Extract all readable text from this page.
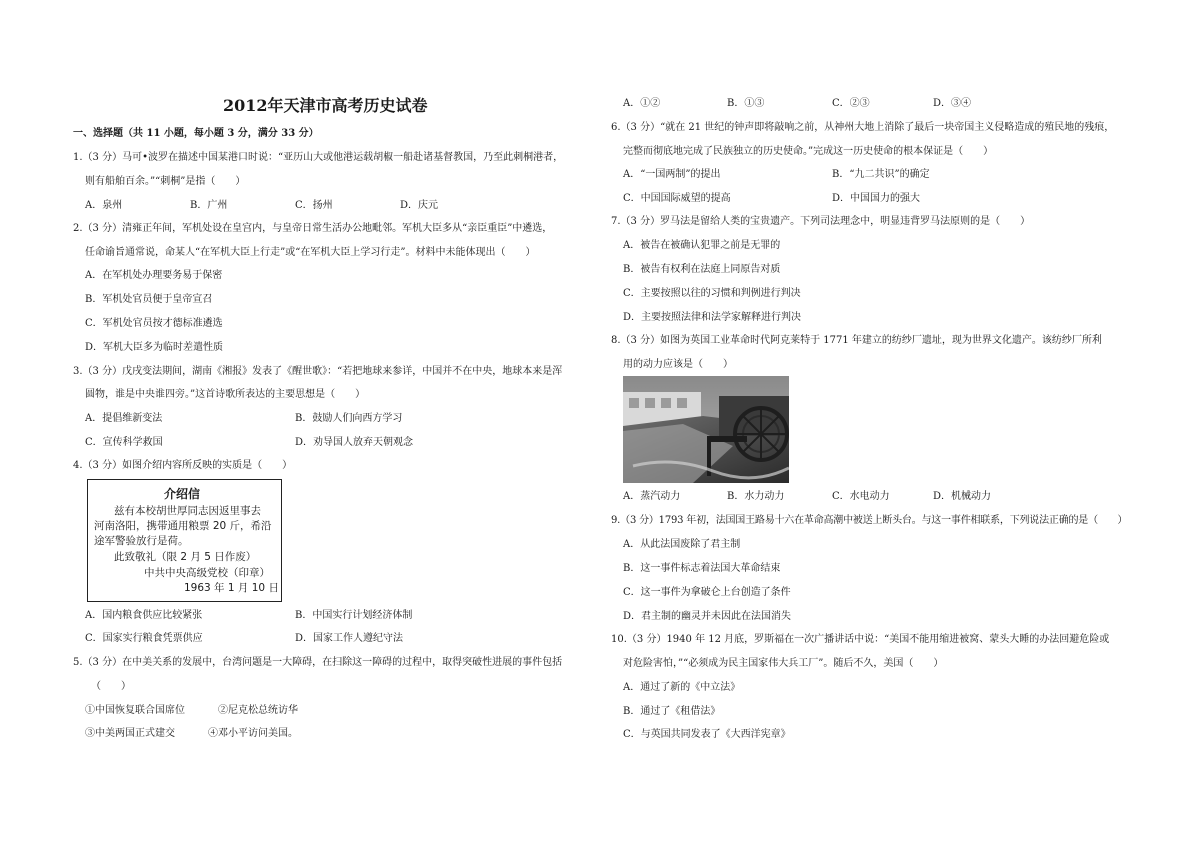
2012年天津市高考历史试卷
一、选择题（共 11 小题，每小题 3 分，满分 33 分）
1.（3 分）马可•波罗在描述中国某港口时说：“亚历山大或他港运载胡椒一船赴诸基督教国，乃至此刺桐港者，
则有船舶百余。”“刺桐”是指（　　）
A．泉州	B．广州	C．扬州	D．庆元
2.（3 分）清雍正年间，军机处设在皇宫内，与皇帝日常生活办公地毗邻。军机大臣多从“亲臣重臣”中遴选，
任命谕旨通常说，命某人“在军机大臣上行走”或“在军机大臣上学习行走”。材料中未能体现出（　　）
A．在军机处办理要务易于保密
B．军机处官员便于皇帝宣召
C．军机处官员按才德标准遴选
D．军机大臣多为临时差遣性质
3.（3 分）戊戌变法期间，湖南《湘报》发表了《醒世歌》：“若把地球来参详，中国并不在中央，地球本来是浑
圆物，谁是中央谁四旁。”这首诗歌所表达的主要思想是（　　）
A．提倡维新变法	B．鼓励人们向西方学习
C．宣传科学救国	D．劝导国人放弃天朝观念
4.（3 分）如图介绍内容所反映的实质是（　　）
介绍信
兹有本校胡世厚同志因返里事去
河南洛阳，携带通用粮票 20 斤，希沿
途军警验放行是荷。
此致敬礼（限 2 月 5 日作废）
中共中央高级党校（印章）
1963 年 1 月 10 日
A．国内粮食供应比较紧张	B．中国实行计划经济体制
C．国家实行粮食凭票供应	D．国家工作人遵纪守法
5.（3 分）在中美关系的发展中，台湾问题是一大障碍，在扫除这一障碍的过程中，取得突破性进展的事件包括
（　　）
①中国恢复联合国席位	②尼克松总统访华
③中美两国正式建交	④邓小平访问美国。
A．①②	B．①③	C．②③	D．③④
6.（3 分）“就在 21 世纪的钟声即将敲响之前，从神州大地上消除了最后一块帝国主义侵略造成的殖民地的残痕，
完整而彻底地完成了民族独立的历史使命。”完成这一历史使命的根本保证是（　　）
A．“一国两制”的提出	B．“九二共识”的确定
C．中国国际威望的提高	D．中国国力的强大
7.（3 分）罗马法是留给人类的宝贵遗产。下列司法理念中，明显违背罗马法原则的是（　　）
A．被告在被确认犯罪之前是无罪的
B．被告有权利在法庭上同原告对质
C．主要按照以往的习惯和判例进行判决
D．主要按照法律和法学家解释进行判决
8.（3 分）如图为英国工业革命时代阿克莱特于 1771 年建立的纺纱厂遗址，现为世界文化遗产。该纺纱厂所利
用的动力应该是（　　）
A．蒸汽动力	B．水力动力	C．水电动力	D．机械动力
9.（3 分）1793 年初，法国国王路易十六在革命高潮中被送上断头台。与这一事件相联系，下列说法正确的是（　　）
A．从此法国废除了君主制
B．这一事件标志着法国大革命结束
C．这一事件为拿破仑上台创造了条件
D．君主制的幽灵并未因此在法国消失
10.（3 分）1940 年 12 月底，罗斯福在一次广播讲话中说：“美国不能用缩进被窝、蒙头大睡的办法回避危险或
对危险害怕，”“必须成为民主国家伟大兵工厂”。随后不久，美国（　　）
A．通过了新的《中立法》
B．通过了《租借法》
C．与英国共同发表了《大西洋宪章》
